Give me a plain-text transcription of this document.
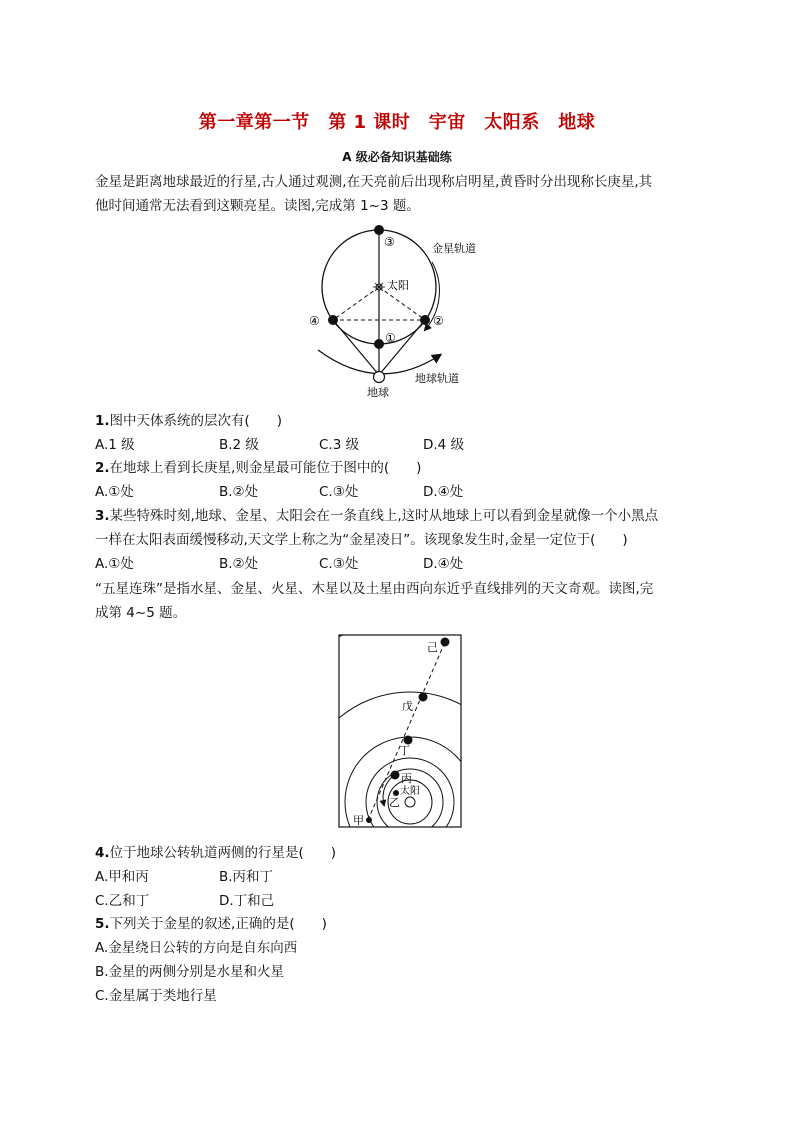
第一章第一节　第 1 课时　宇宙　太阳系　地球
A 级必备知识基础练
金星是距离地球最近的行星,古人通过观测,在天亮前后出现称启明星,黄昏时分出现称长庚星,其
他时间通常无法看到这颗亮星。读图,完成第 1~3 题。
金星轨道
太阳
③
④	②
①
地球
地球轨道
1.图中天体系统的层次有(　　)
A.1 级	B.2 级	C.3 级	D.4 级
2.在地球上看到长庚星,则金星最可能位于图中的(　　)
A.①处	B.②处	C.③处	D.④处
3.某些特殊时刻,地球、金星、太阳会在一条直线上,这时从地球上可以看到金星就像一个小黑点
一样在太阳表面缓慢移动,天文学上称之为“金星凌日”。该现象发生时,金星一定位于(　　)
A.①处	B.②处	C.③处	D.④处
“五星连珠”是指水星、金星、火星、木星以及土星由西向东近乎直线排列的天文奇观。读图,完
成第 4~5 题。
己
戊
丁
丙
太阳
乙
甲
4.位于地球公转轨道两侧的行星是(　　)
A.甲和丙	B.丙和丁
C.乙和丁	D.丁和己
5.下列关于金星的叙述,正确的是(　　)
A.金星绕日公转的方向是自东向西
B.金星的两侧分别是水星和火星
C.金星属于类地行星
